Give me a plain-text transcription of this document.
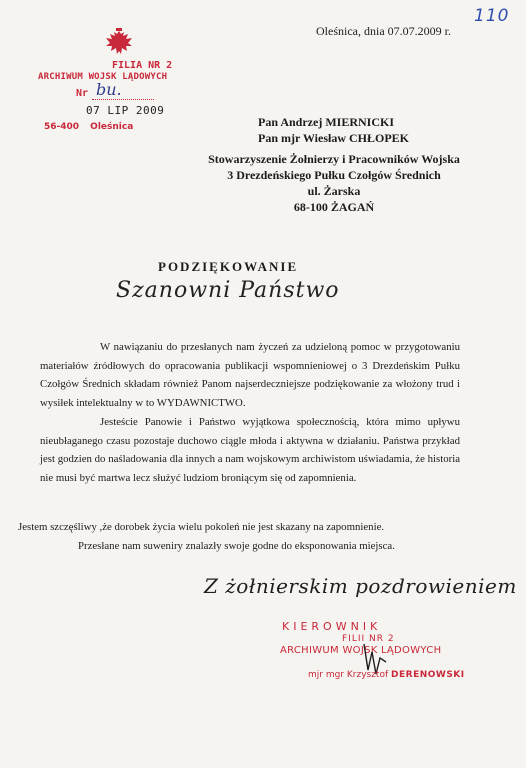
110
Oleśnica, dnia 07.07.2009 r.
FILIA NR 2
ARCHIWUM WOJSK LĄDOWYCH
Nr bu.
07 LIP 2009
56-400 Oleśnica	Pan Andrzej MIERNICKI
Pan mjr Wiesław CHŁOPEK
Stowarzyszenie Żołnierzy i Pracowników Wojska
3 Drezdeńskiego Pułku Czołgów Średnich
ul. Żarska
68-100 ŻAGAŃ
PODZIĘKOWANIE
Szanowni Państwo
W nawiązaniu do przesłanych nam życzeń za udzieloną pomoc w przygotowaniu materiałów źródłowych do opracowania publikacji wspomnieniowej o 3 Drezdeńskim Pułku Czołgów Średnich składam również Panom najserdeczniejsze podziękowanie za włożony trud i wysiłek intelektualny w to WYDAWNICTWO.
Jesteście Panowie i Państwo wyjątkowa społecznością, która mimo upływu nieubłaganego czasu pozostaje duchowo ciągle młoda i aktywna w działaniu. Państwa przykład jest godzien do naśladowania dla innych a nam wojskowym archiwistom uświadamia, że historia nie musi być martwa lecz służyć ludziom broniącym się od zapomnienia.
Jestem szczęśliwy ,że dorobek życia wielu pokoleń nie jest skazany na zapomnienie.
Przesłane nam suweniry znalazły swoje godne do eksponowania miejsca.
Z żołnierskim pozdrowieniem
KIEROWNIK
FILII NR 2
ARCHIWUM WOJSK LĄDOWYCH
mjr mgr Krzysztof DERENOWSKI
